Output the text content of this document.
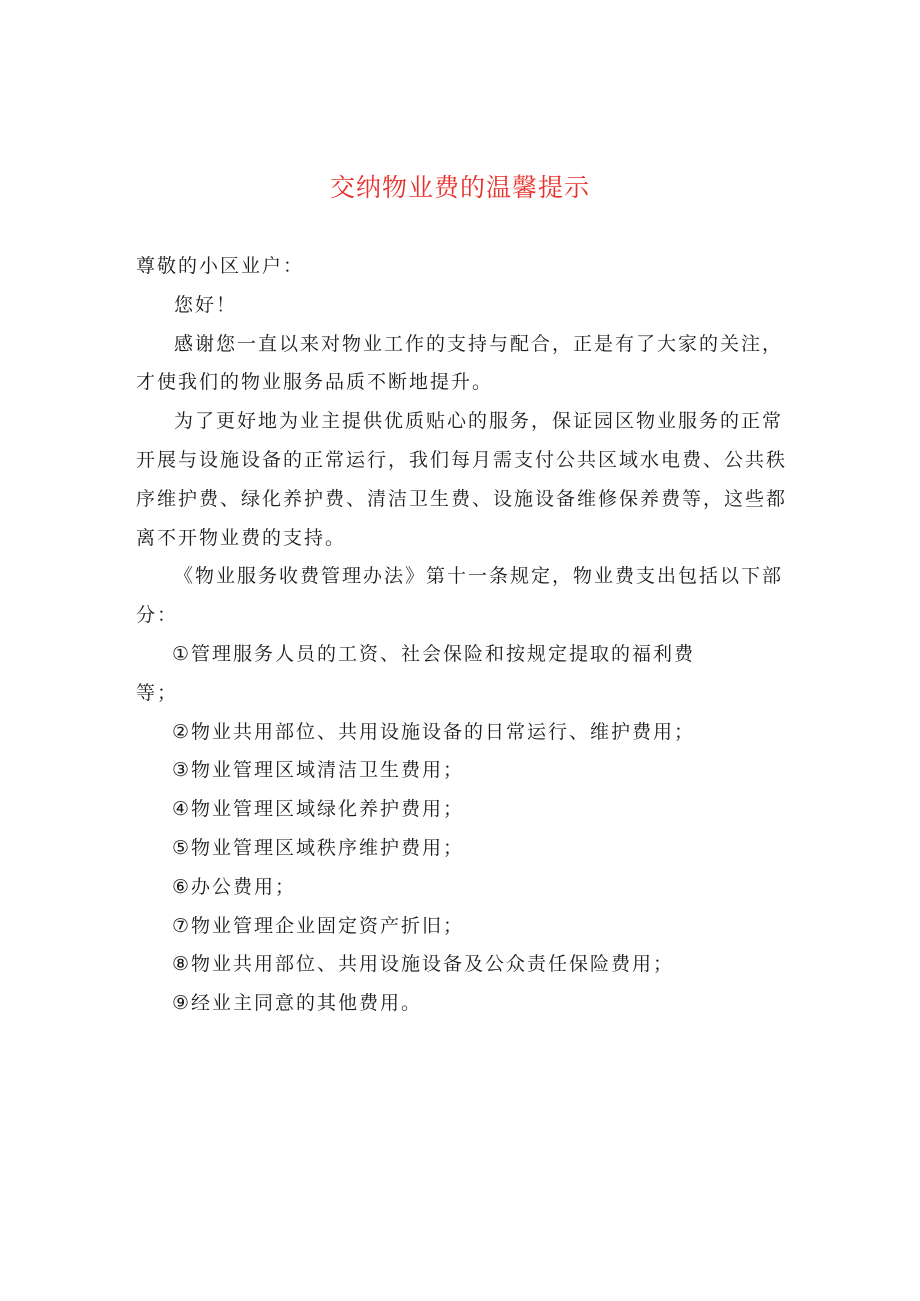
交纳物业费的温馨提示

尊敬的小区业户：

您好！

感谢您一直以来对物业工作的支持与配合，正是有了大家的关注，才使我们的物业服务品质不断地提升。

为了更好地为业主提供优质贴心的服务，保证园区物业服务的正常开展与设施设备的正常运行，我们每月需支付公共区域水电费、公共秩序维护费、绿化养护费、清洁卫生费、设施设备维修保养费等，这些都离不开物业费的支持。

《物业服务收费管理办法》第十一条规定，物业费支出包括以下部分：

①管理服务人员的工资、社会保险和按规定提取的福利费等；

②物业共用部位、共用设施设备的日常运行、维护费用；

③物业管理区域清洁卫生费用；

④物业管理区域绿化养护费用；

⑤物业管理区域秩序维护费用；

⑥办公费用；

⑦物业管理企业固定资产折旧；

⑧物业共用部位、共用设施设备及公众责任保险费用；

⑨经业主同意的其他费用。
